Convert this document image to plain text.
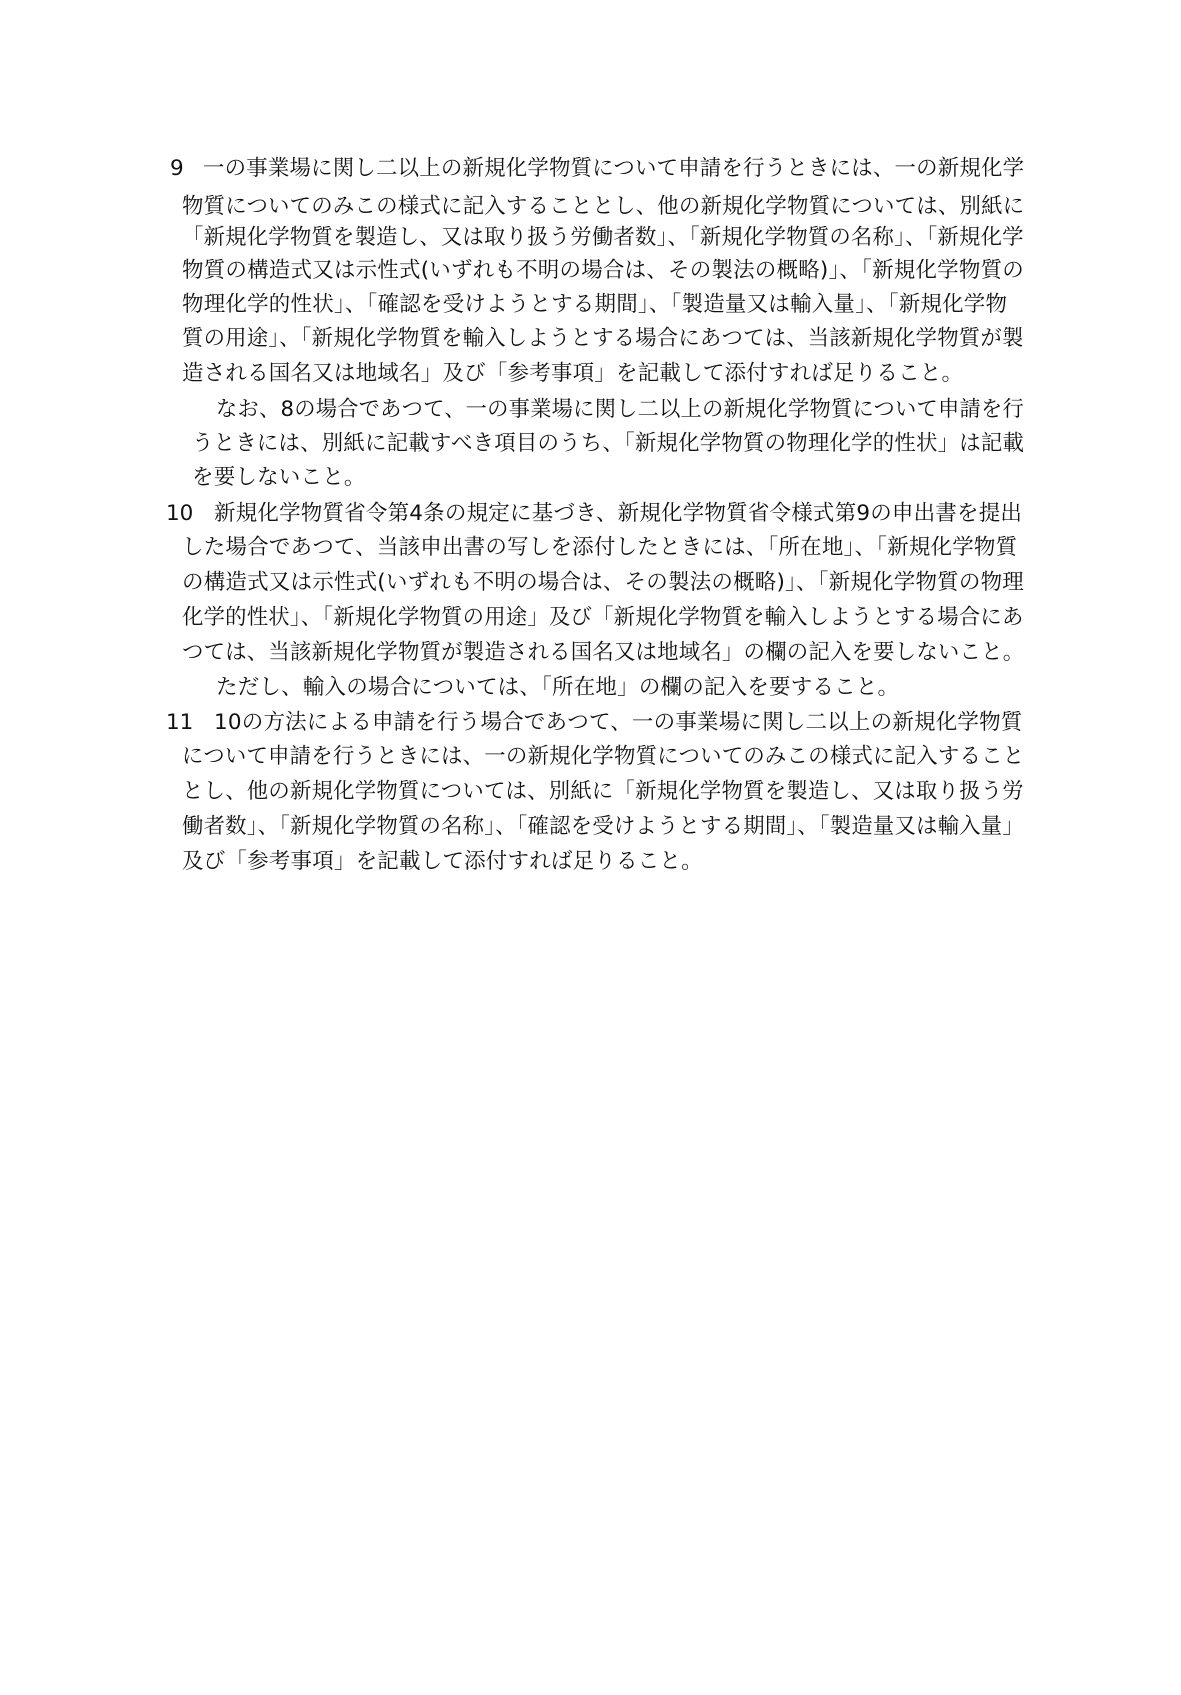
9 一の事業場に関し二以上の新規化学物質について申請を行うときには、一の新規化学
物質についてのみこの様式に記入することとし、他の新規化学物質については、別紙に
「新規化学物質を製造し、又は取り扱う労働者数」、「新規化学物質の名称」、「新規化学
物質の構造式又は示性式(いずれも不明の場合は、その製法の概略)」、「新規化学物質の
物理化学的性状」、「確認を受けようとする期間」、「製造量又は輸入量」、「新規化学物
質の用途」、「新規化学物質を輸入しようとする場合にあつては、当該新規化学物質が製
造される国名又は地域名」及び「参考事項」を記載して添付すれば足りること。
なお、8の場合であつて、一の事業場に関し二以上の新規化学物質について申請を行
うときには、別紙に記載すべき項目のうち、「新規化学物質の物理化学的性状」は記載
を要しないこと。
10 新規化学物質省令第4条の規定に基づき、新規化学物質省令様式第9の申出書を提出
した場合であつて、当該申出書の写しを添付したときには、「所在地」、「新規化学物質
の構造式又は示性式(いずれも不明の場合は、その製法の概略)」、「新規化学物質の物理
化学的性状」、「新規化学物質の用途」及び「新規化学物質を輸入しようとする場合にあ
つては、当該新規化学物質が製造される国名又は地域名」の欄の記入を要しないこと。
ただし、輸入の場合については、「所在地」の欄の記入を要すること。
11 10の方法による申請を行う場合であつて、一の事業場に関し二以上の新規化学物質
について申請を行うときには、一の新規化学物質についてのみこの様式に記入すること
とし、他の新規化学物質については、別紙に「新規化学物質を製造し、又は取り扱う労
働者数」、「新規化学物質の名称」、「確認を受けようとする期間」、「製造量又は輸入量」
及び「参考事項」を記載して添付すれば足りること。
